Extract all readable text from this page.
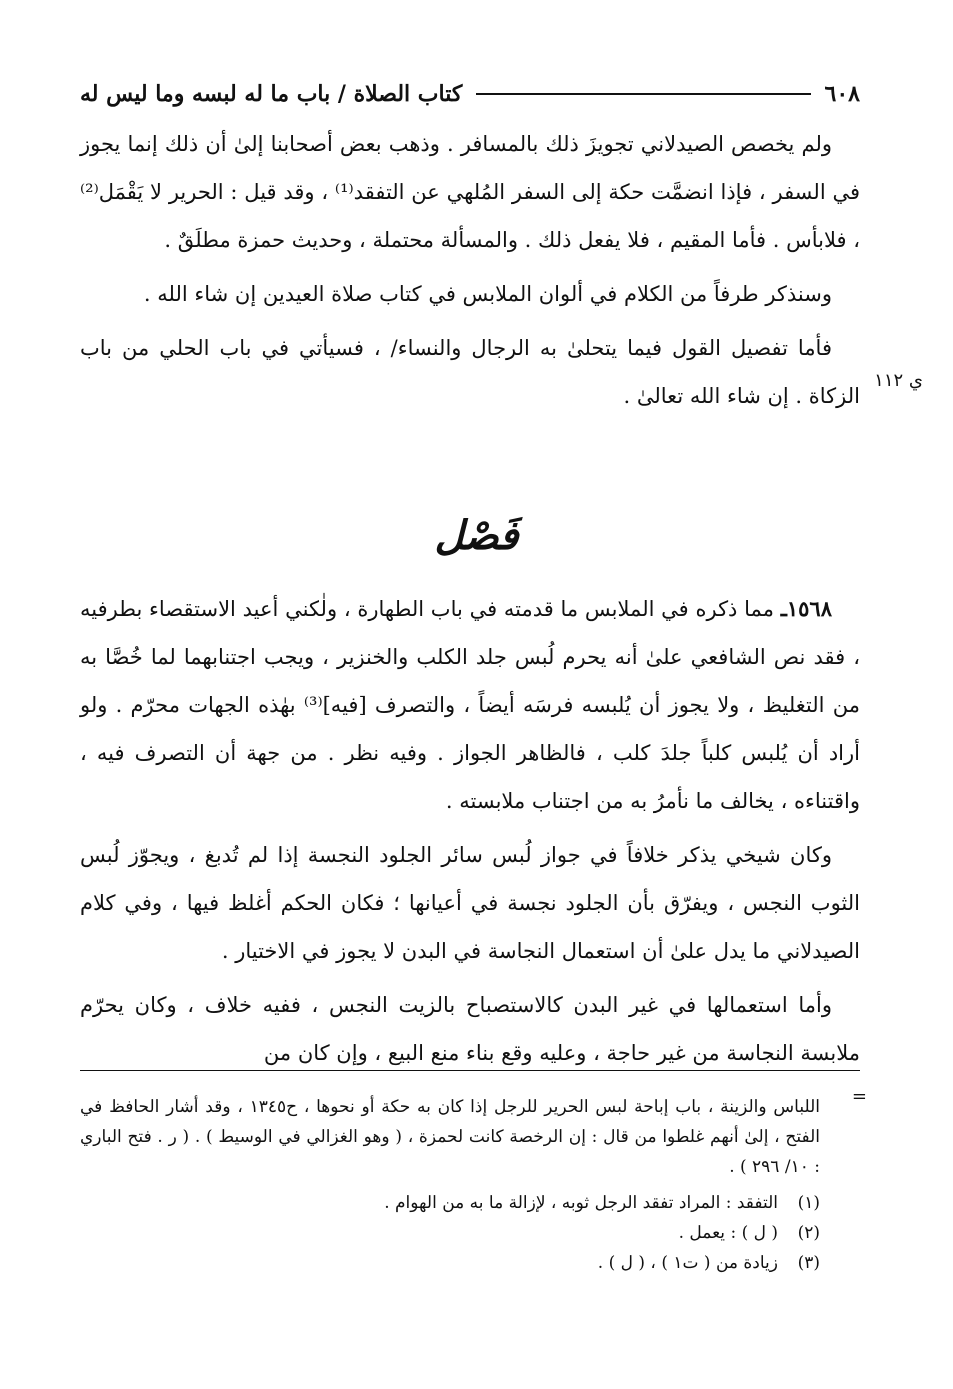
٦٠٨
كتاب الصلاة / باب ما له لبسه وما ليس له

ولم يخصص الصيدلاني تجويزَ ذلك بالمسافر . وذهب بعض أصحابنا إلىٰ أن ذلك إنما يجوز في السفر ، فإذا انضمَّت حكة إلى السفر المُلهي عن التفقد⁽¹⁾ ، وقد قيل : الحرير لا يَقْمَل⁽²⁾ ، فلابأس . فأما المقيم ، فلا يفعل ذلك . والمسألة محتملة ، وحديث حمزة مطلَقٌ .

وسنذكر طرفاً من الكلام في ألوان الملابس في كتاب صلاة العيدين إن شاء الله .

فأما تفصيل القول فيما يتحلىٰ به الرجال والنساء/ ، فسيأتي في باب الحلي من باب الزكاة . إن شاء الله تعالىٰ .

ي ١١٢
فَصْل

١٥٦٨ـ مما ذكره في الملابس ما قدمته في باب الطهارة ، ولٰكني أعيد الاستقصاء بطرفيه ، فقد نص الشافعي علىٰ أنه يحرم لُبس جلد الكلب والخنزير ، ويجب اجتنابهما لما خُصَّا به من التغليظ ، ولا يجوز أن يُلبسه فرسَه أيضاً ، والتصرف [فيه]⁽³⁾ بهٰذه الجهات محرّم . ولو أراد أن يُلبس كلباً جلدَ كلب ، فالظاهر الجواز . وفيه نظر . من جهة أن التصرف فيه ، واقتناءه ، يخالف ما نأمرُ به من اجتناب ملابسته .

وكان شيخي يذكر خلافاً في جواز لُبس سائر الجلود النجسة إذا لم تُدبغ ، ويجوّز لُبس الثوب النجس ، ويفرّق بأن الجلود نجسة في أعيانها ؛ فكان الحكم أغلظ فيها ، وفي كلام الصيدلاني ما يدل علىٰ أن استعمال النجاسة في البدن لا يجوز في الاختيار .

وأما استعمالها في غير البدن كالاستصباح بالزيت النجس ، ففيه خلاف ، وكان يحرّم ملابسة النجاسة من غير حاجة ، وعليه وقع بناء منع البيع ، وإن كان من

=
اللباس والزينة ، باب إباحة لبس الحرير للرجل إذا كان به حكة أو نحوها ، ح١٣٤٥ ، وقد أشار الحافظ في الفتح ، إلىٰ أنهم غلطوا من قال : إن الرخصة كانت لحمزة ، ( وهو الغزالي في الوسيط ) . ( ر . فتح الباري : ١٠/ ٢٩٦ ) .
(١)
التفقد : المراد تفقد الرجل ثوبه ، لإزالة ما به من الهوام .
(٢)
( ل ) : يعمل .
(٣)
زيادة من ( ت١ ) ، ( ل ) .
